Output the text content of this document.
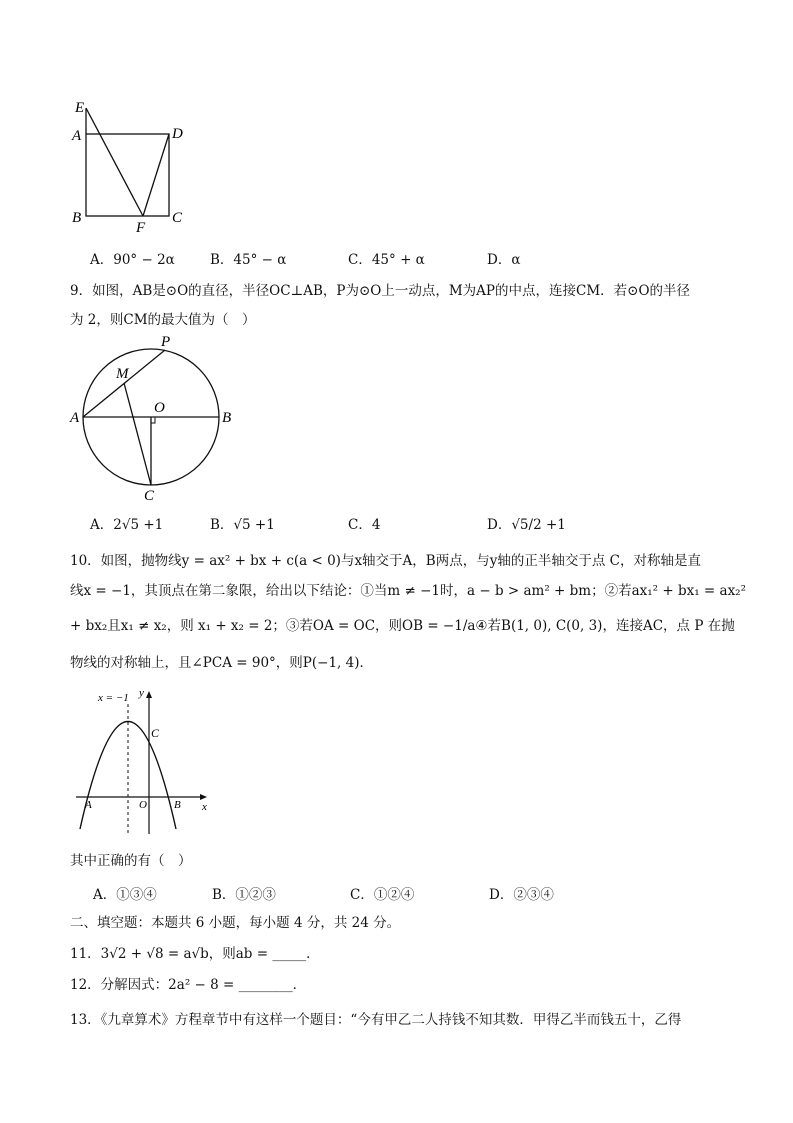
E
A	D
B
F
C
A．90° − 2α	B．45° − α	C．45° + α	D．α
9．如图，AB是⊙O的直径，半径OC⊥AB，P为⊙O上一动点，M为AP的中点，连接CM．若⊙O的半径
为 2，则CM的最大值为（　）
P
M
A
O
B
C
A．2√5 +1	B．√5 +1	C．4	D．√5/2 +1
10．如图，抛物线y = ax² + bx + c(a < 0)与x轴交于A，B两点，与y轴的正半轴交于点 C，对称轴是直
线x = −1，其顶点在第二象限，给出以下结论：①当m ≠ −1时，a − b > am² + bm；②若ax₁² + bx₁ = ax₂²
+ bx₂且x₁ ≠ x₂，则 x₁ + x₂ = 2；③若OA = OC，则OB = −1/a④若B(1, 0), C(0, 3)，连接AC，点 P 在抛
物线的对称轴上，且∠PCA = 90°，则P(−1, 4)．
x = −1 y
C
A	O B x
其中正确的有（　）
A．①③④	B．①②③	C．①②④	D．②③④
二、填空题：本题共 6 小题，每小题 4 分，共 24 分。
11．3√2 + √8 = a√b，则ab = _____．
12．分解因式：2a² − 8 = ________．
13．《九章算术》方程章节中有这样一个题目：“今有甲乙二人持钱不知其数．甲得乙半而钱五十，乙得
